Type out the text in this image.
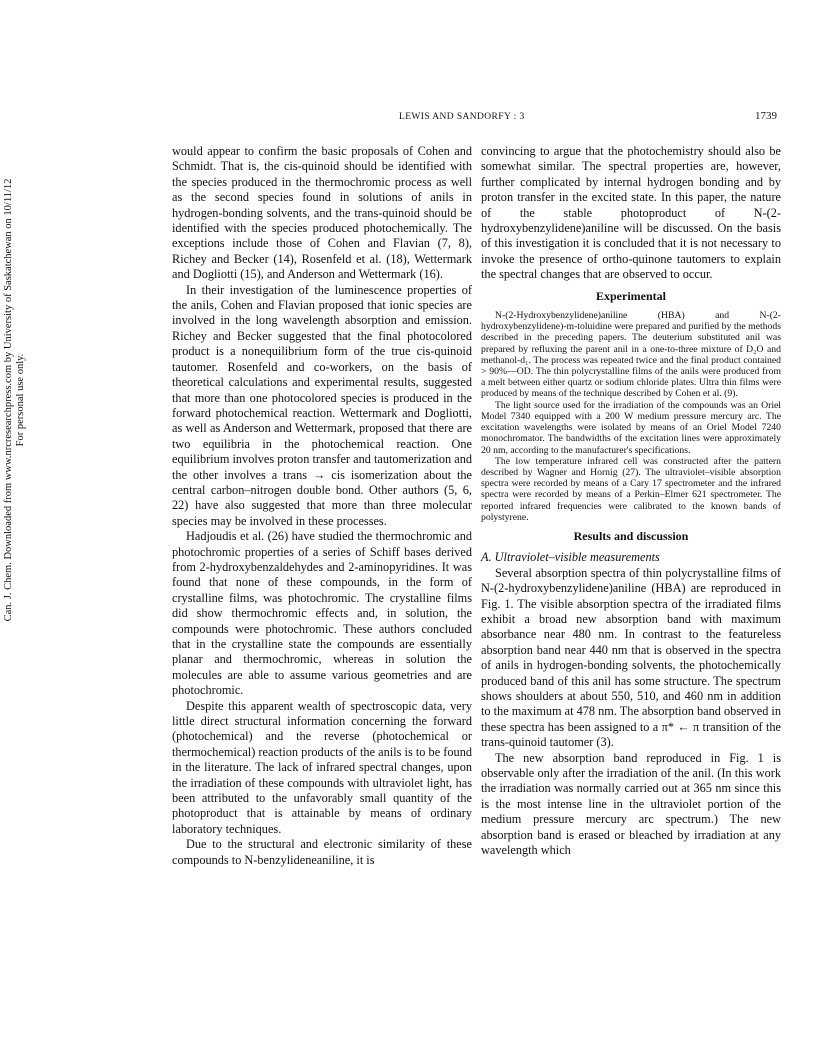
LEWIS AND SANDORFY : 3	1739
Can. J. Chem. Downloaded from www.nrcresearchpress.com by University of Saskatchewan on 10/11/12 For personal use only.

would appear to confirm the basic proposals of Cohen and Schmidt. That is, the cis-quinoid should be identified with the species produced in the thermochromic process as well as the second species found in solutions of anils in hydrogen-bonding solvents, and the trans-quinoid should be identified with the species produced photochemically. The exceptions include those of Cohen and Flavian (7, 8), Richey and Becker (14), Rosenfeld et al. (18), Wettermark and Dogliotti (15), and Anderson and Wettermark (16).

In their investigation of the luminescence properties of the anils, Cohen and Flavian proposed that ionic species are involved in the long wavelength absorption and emission. Richey and Becker suggested that the final photocolored product is a nonequilibrium form of the true cis-quinoid tautomer. Rosenfeld and co-workers, on the basis of theoretical calculations and experimental results, suggested that more than one photocolored species is produced in the forward photochemical reaction. Wettermark and Dogliotti, as well as Anderson and Wettermark, proposed that there are two equilibria in the photochemical reaction. One equilibrium involves proton transfer and tautomerization and the other involves a trans → cis isomerization about the central carbon–nitrogen double bond. Other authors (5, 6, 22) have also suggested that more than three molecular species may be involved in these processes.

Hadjoudis et al. (26) have studied the thermochromic and photochromic properties of a series of Schiff bases derived from 2-hydroxybenzaldehydes and 2-aminopyridines. It was found that none of these compounds, in the form of crystalline films, was photochromic. The crystalline films did show thermochromic effects and, in solution, the compounds were photochromic. These authors concluded that in the crystalline state the compounds are essentially planar and thermochromic, whereas in solution the molecules are able to assume various geometries and are photochromic.

Despite this apparent wealth of spectroscopic data, very little direct structural information concerning the forward (photochemical) and the reverse (photochemical or thermochemical) reaction products of the anils is to be found in the literature. The lack of infrared spectral changes, upon the irradiation of these compounds with ultraviolet light, has been attributed to the unfavorably small quantity of the photoproduct that is attainable by means of ordinary laboratory techniques.

Due to the structural and electronic similarity of these compounds to N-benzylideneaniline, it is

convincing to argue that the photochemistry should also be somewhat similar. The spectral properties are, however, further complicated by internal hydrogen bonding and by proton transfer in the excited state. In this paper, the nature of the stable photoproduct of N-(2-hydroxybenzylidene)aniline will be discussed. On the basis of this investigation it is concluded that it is not necessary to invoke the presence of ortho-quinone tautomers to explain the spectral changes that are observed to occur.

Experimental

N-(2-Hydroxybenzylidene)aniline (HBA) and N-(2-hydroxybenzylidene)-m-toluidine were prepared and purified by the methods described in the preceding papers. The deuterium substituted anil was prepared by refluxing the parent anil in a one-to-three mixture of D₂O and methanol-d₁. The process was repeated twice and the final product contained > 90%—OD. The thin polycrystalline films of the anils were produced from a melt between either quartz or sodium chloride plates. Ultra thin films were produced by means of the technique described by Cohen et al. (9).

The light source used for the irradiation of the compounds was an Oriel Model 7340 equipped with a 200 W medium pressure mercury arc. The excitation wavelengths were isolated by means of an Oriel Model 7240 monochromator. The bandwidths of the excitation lines were approximately 20 nm, according to the manufacturer's specifications.

The low temperature infrared cell was constructed after the pattern described by Wagner and Hornig (27). The ultraviolet–visible absorption spectra were recorded by means of a Cary 17 spectrometer and the infrared spectra were recorded by means of a Perkin–Elmer 621 spectrometer. The reported infrared frequencies were calibrated to the known bands of polystyrene.

Results and discussion

A. Ultraviolet–visible measurements

Several absorption spectra of thin polycrystalline films of N-(2-hydroxybenzylidene)aniline (HBA) are reproduced in Fig. 1. The visible absorption spectra of the irradiated films exhibit a broad new absorption band with maximum absorbance near 480 nm. In contrast to the featureless absorption band near 440 nm that is observed in the spectra of anils in hydrogen-bonding solvents, the photochemically produced band of this anil has some structure. The spectrum shows shoulders at about 550, 510, and 460 nm in addition to the maximum at 478 nm. The absorption band observed in these spectra has been assigned to a π* ← π transition of the trans-quinoid tautomer (3).

The new absorption band reproduced in Fig. 1 is observable only after the irradiation of the anil. (In this work the irradiation was normally carried out at 365 nm since this is the most intense line in the ultraviolet portion of the medium pressure mercury arc spectrum.) The new absorption band is erased or bleached by irradiation at any wavelength which
